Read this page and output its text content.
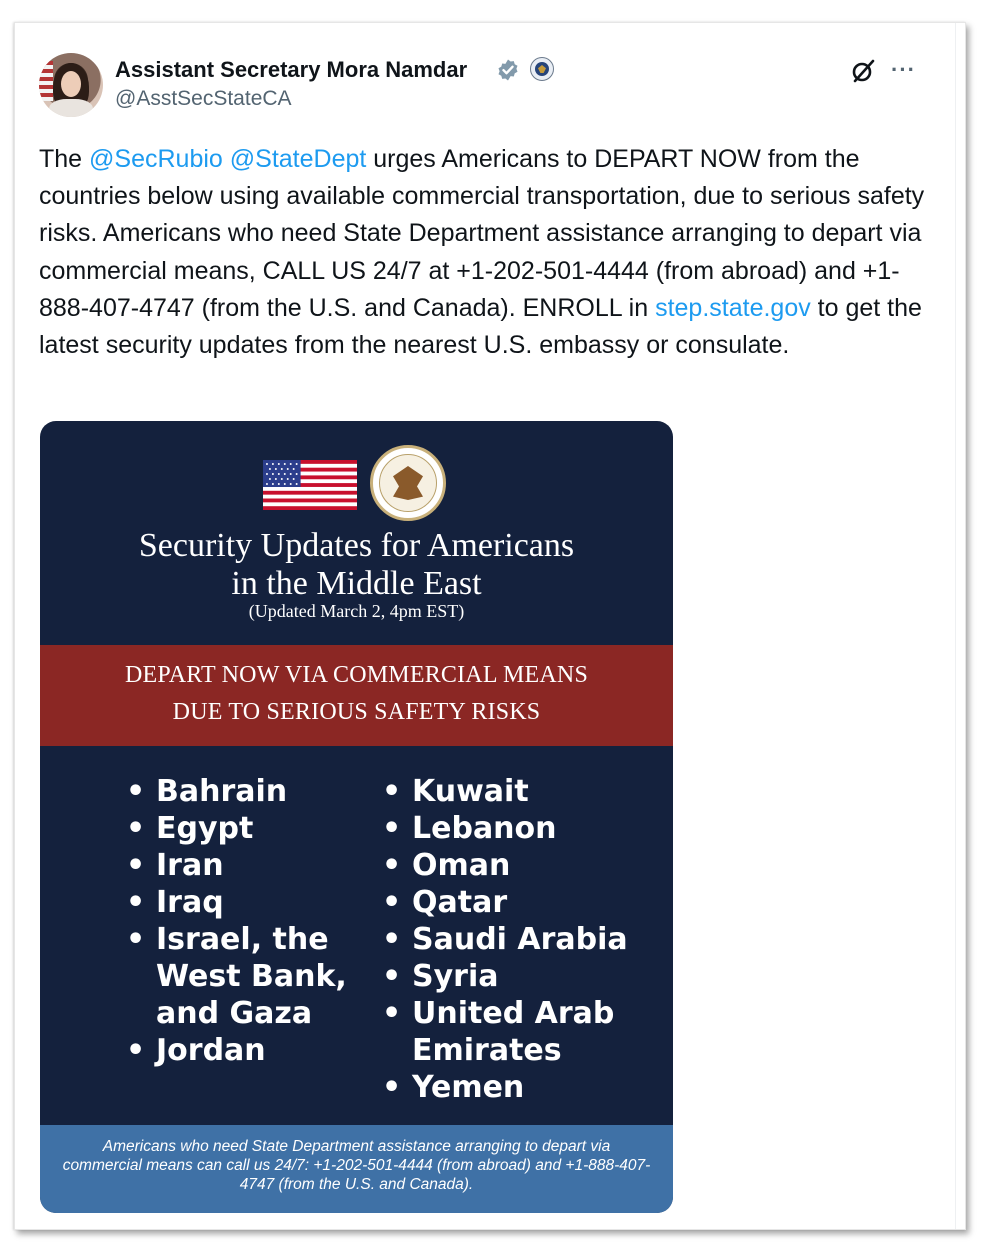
Assistant Secretary Mora Namdar
@AsstSecStateCA
···
The @SecRubio @StateDept urges Americans to DEPART NOW from the countries below using available commercial transportation, due to serious safety risks. Americans who need State Department assistance arranging to depart via commercial means, CALL US 24/7 at +1-202-501-4444 (from abroad) and +1-888-407-4747 (from the U.S. and Canada). ENROLL in step.state.gov to get the latest security updates from the nearest U.S. embassy or consulate.
Security Updates for Americans
in the Middle East
(Updated March 2, 4pm EST)
DEPART NOW VIA COMMERCIAL MEANS
DUE TO SERIOUS SAFETY RISKS
• Bahrain
• Egypt
• Iran
• Iraq
• Israel, the West Bank, and Gaza
• Jordan
• Kuwait
• Lebanon
• Oman
• Qatar
• Saudi Arabia
• Syria
• United Arab Emirates
• Yemen
Americans who need State Department assistance arranging to depart via commercial means can call us 24/7: +1-202-501-4444 (from abroad) and +1-888-407-4747 (from the U.S. and Canada).
